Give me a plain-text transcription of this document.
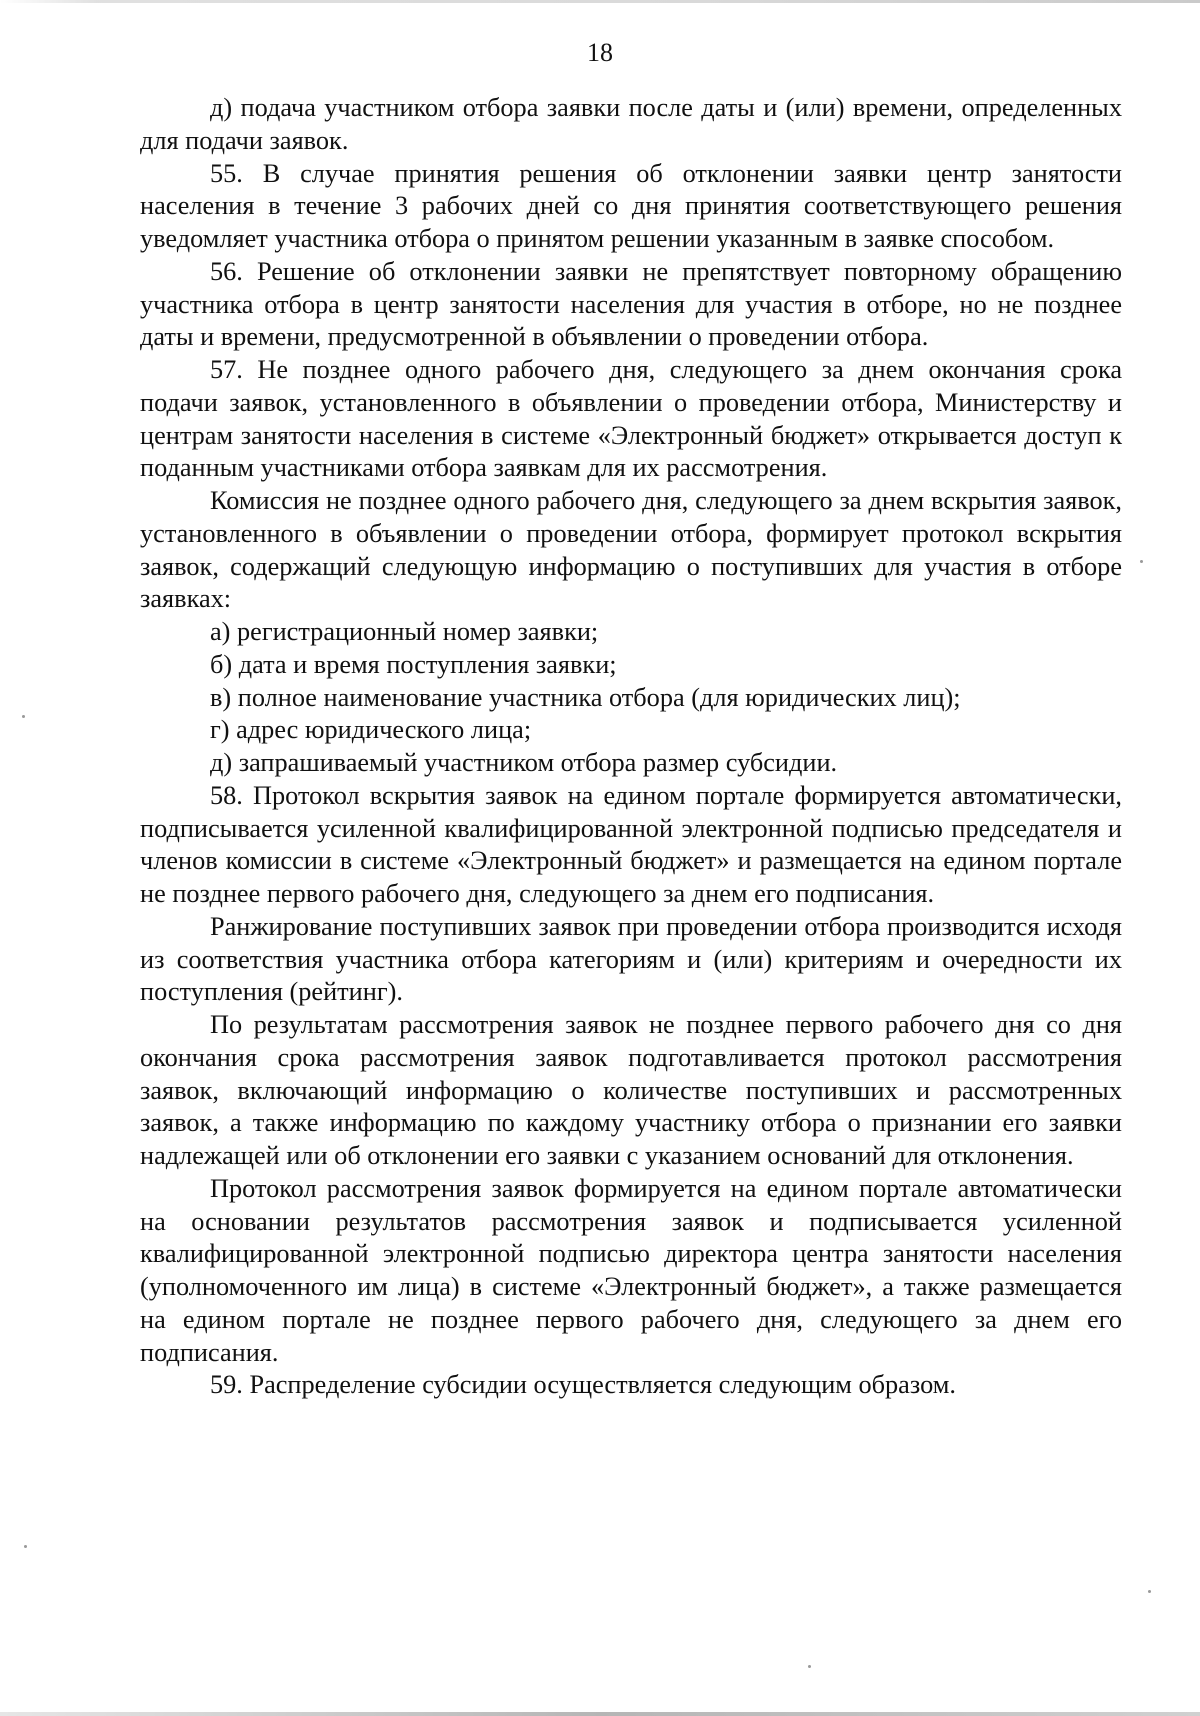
18

д) подача участником отбора заявки после даты и (или) времени, определенных для подачи заявок.

55. В случае принятия решения об отклонении заявки центр занятости населения в течение 3 рабочих дней со дня принятия соответствующего решения уведомляет участника отбора о принятом решении указанным в заявке способом.

56. Решение об отклонении заявки не препятствует повторному обращению участника отбора в центр занятости населения для участия в отборе, но не позднее даты и времени, предусмотренной в объявлении о проведении отбора.

57. Не позднее одного рабочего дня, следующего за днем окончания срока подачи заявок, установленного в объявлении о проведении отбора, Министерству и центрам занятости населения в системе «Электронный бюджет» открывается доступ к поданным участниками отбора заявкам для их рассмотрения.

Комиссия не позднее одного рабочего дня, следующего за днем вскрытия заявок, установленного в объявлении о проведении отбора, формирует протокол вскрытия заявок, содержащий следующую информацию о поступивших для участия в отборе заявках:

а) регистрационный номер заявки;

б) дата и время поступления заявки;

в) полное наименование участника отбора (для юридических лиц);

г) адрес юридического лица;

д) запрашиваемый участником отбора размер субсидии.

58. Протокол вскрытия заявок на едином портале формируется автоматически, подписывается усиленной квалифицированной электронной подписью председателя и членов комиссии в системе «Электронный бюджет» и размещается на едином портале не позднее первого рабочего дня, следующего за днем его подписания.

Ранжирование поступивших заявок при проведении отбора производится исходя из соответствия участника отбора категориям и (или) критериям и очередности их поступления (рейтинг).

По результатам рассмотрения заявок не позднее первого рабочего дня со дня окончания срока рассмотрения заявок подготавливается протокол рассмотрения заявок, включающий информацию о количестве поступивших и рассмотренных заявок, а также информацию по каждому участнику отбора о признании его заявки надлежащей или об отклонении его заявки с указанием оснований для отклонения.

Протокол рассмотрения заявок формируется на едином портале автоматически на основании результатов рассмотрения заявок и подписывается усиленной квалифицированной электронной подписью директора центра занятости населения (уполномоченного им лица) в системе «Электронный бюджет», а также размещается на едином портале не позднее первого рабочего дня, следующего за днем его подписания.

59. Распределение субсидии осуществляется следующим образом.
